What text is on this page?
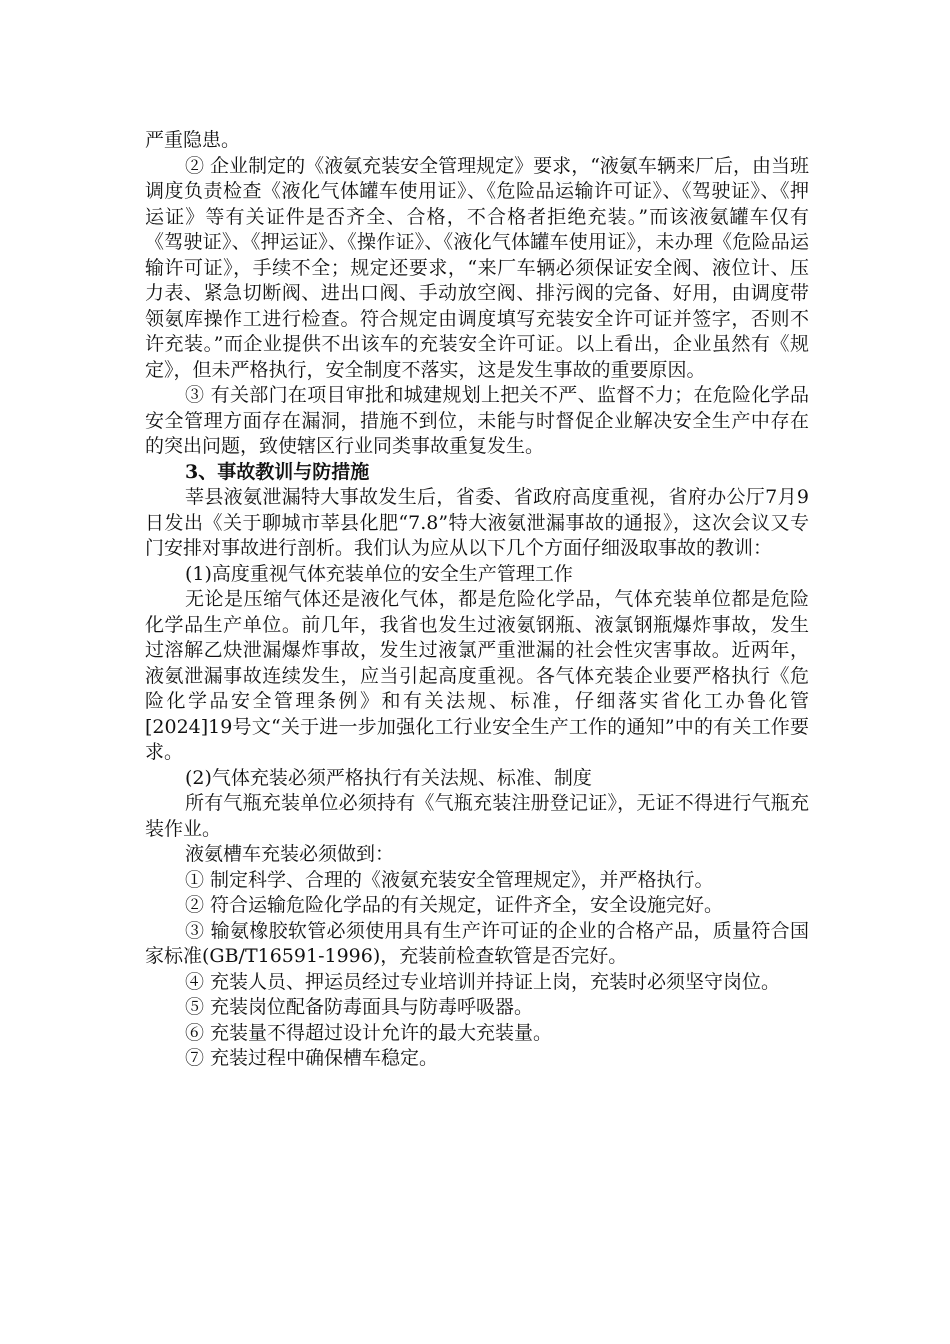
严重隐患。

② 企业制定的《液氨充装安全管理规定》要求，“液氨车辆来厂后，由当班调度负责检查《液化气体罐车使用证》、《危险品运输许可证》、《驾驶证》、《押运证》等有关证件是否齐全、合格，不合格者拒绝充装。”而该液氨罐车仅有《驾驶证》、《押运证》、《操作证》、《液化气体罐车使用证》，未办理《危险品运输许可证》，手续不全；规定还要求，“来厂车辆必须保证安全阀、液位计、压力表、紧急切断阀、进出口阀、手动放空阀、排污阀的完备、好用，由调度带领氨库操作工进行检查。符合规定由调度填写充装安全许可证并签字，否则不许充装。”而企业提供不出该车的充装安全许可证。以上看出，企业虽然有《规定》，但未严格执行，安全制度不落实，这是发生事故的重要原因。

③ 有关部门在项目审批和城建规划上把关不严、监督不力；在危险化学品安全管理方面存在漏洞，措施不到位，未能与时督促企业解决安全生产中存在的突出问题，致使辖区行业同类事故重复发生。

3、事故教训与防措施

莘县液氨泄漏特大事故发生后，省委、省政府高度重视，省府办公厅7月9日发出《关于聊城市莘县化肥“7.8”特大液氨泄漏事故的通报》，这次会议又专门安排对事故进行剖析。我们认为应从以下几个方面仔细汲取事故的教训：

(1)高度重视气体充装单位的安全生产管理工作

无论是压缩气体还是液化气体，都是危险化学品，气体充装单位都是危险化学品生产单位。前几年，我省也发生过液氨钢瓶、液氯钢瓶爆炸事故，发生过溶解乙炔泄漏爆炸事故，发生过液氯严重泄漏的社会性灾害事故。近两年，液氨泄漏事故连续发生，应当引起高度重视。各气体充装企业要严格执行《危险化学品安全管理条例》和有关法规、标准，仔细落实省化工办鲁化管[2024]19号文“关于进一步加强化工行业安全生产工作的通知”中的有关工作要求。

(2)气体充装必须严格执行有关法规、标准、制度

所有气瓶充装单位必须持有《气瓶充装注册登记证》，无证不得进行气瓶充装作业。

液氨槽车充装必须做到：

① 制定科学、合理的《液氨充装安全管理规定》，并严格执行。

② 符合运输危险化学品的有关规定，证件齐全，安全设施完好。

③ 输氨橡胶软管必须使用具有生产许可证的企业的合格产品，质量符合国家标准(GB/T16591-1996)，充装前检查软管是否完好。

④ 充装人员、押运员经过专业培训并持证上岗，充装时必须坚守岗位。

⑤ 充装岗位配备防毒面具与防毒呼吸器。

⑥ 充装量不得超过设计允许的最大充装量。

⑦ 充装过程中确保槽车稳定。
